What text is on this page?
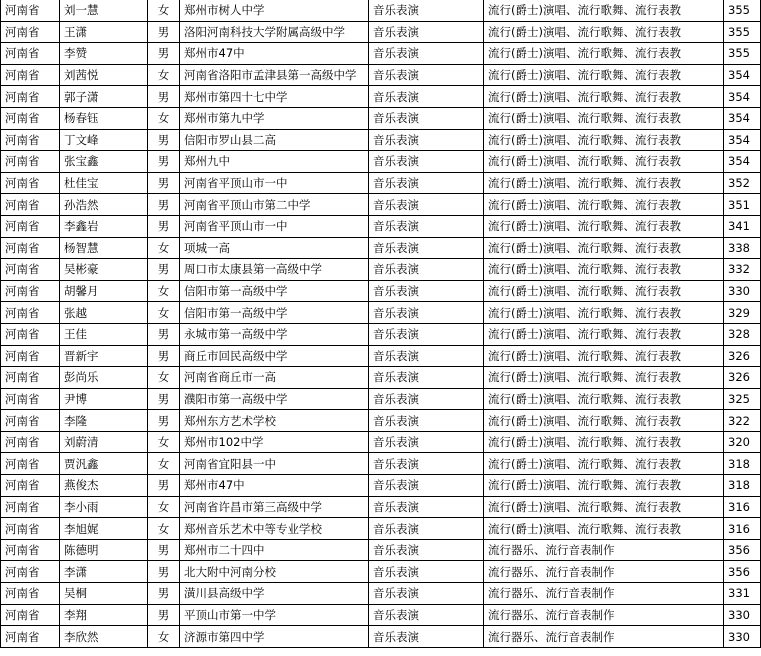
河南省	刘一慧	女	郑州市树人中学	音乐表演	流行(爵士)演唱、流行歌舞、流行表教	355
河南省	王潇	男	洛阳河南科技大学附属高级中学	音乐表演	流行(爵士)演唱、流行歌舞、流行表教	355
河南省	李赞	男	郑州市47中	音乐表演	流行(爵士)演唱、流行歌舞、流行表教	355
河南省	刘茜悦	女	河南省洛阳市孟津县第一高级中学	音乐表演	流行(爵士)演唱、流行歌舞、流行表教	354
河南省	郭子潇	男	郑州市第四十七中学	音乐表演	流行(爵士)演唱、流行歌舞、流行表教	354
河南省	杨春钰	女	郑州市第九中学	音乐表演	流行(爵士)演唱、流行歌舞、流行表教	354
河南省	丁文峰	男	信阳市罗山县二高	音乐表演	流行(爵士)演唱、流行歌舞、流行表教	354
河南省	张宝鑫	男	郑州九中	音乐表演	流行(爵士)演唱、流行歌舞、流行表教	354
河南省	杜佳宝	男	河南省平顶山市一中	音乐表演	流行(爵士)演唱、流行歌舞、流行表教	352
河南省	孙浩然	男	河南省平顶山市第二中学	音乐表演	流行(爵士)演唱、流行歌舞、流行表教	351
河南省	李鑫岩	男	河南省平顶山市一中	音乐表演	流行(爵士)演唱、流行歌舞、流行表教	341
河南省	杨智慧	女	项城一高	音乐表演	流行(爵士)演唱、流行歌舞、流行表教	338
河南省	吴彬豪	男	周口市太康县第一高级中学	音乐表演	流行(爵士)演唱、流行歌舞、流行表教	332
河南省	胡馨月	女	信阳市第一高级中学	音乐表演	流行(爵士)演唱、流行歌舞、流行表教	330
河南省	张越	女	信阳市第一高级中学	音乐表演	流行(爵士)演唱、流行歌舞、流行表教	329
河南省	王佳	男	永城市第一高级中学	音乐表演	流行(爵士)演唱、流行歌舞、流行表教	328
河南省	晋新宇	男	商丘市回民高级中学	音乐表演	流行(爵士)演唱、流行歌舞、流行表教	326
河南省	彭尚乐	女	河南省商丘市一高	音乐表演	流行(爵士)演唱、流行歌舞、流行表教	326
河南省	尹博	男	濮阳市第一高级中学	音乐表演	流行(爵士)演唱、流行歌舞、流行表教	325
河南省	李隆	男	郑州东方艺术学校	音乐表演	流行(爵士)演唱、流行歌舞、流行表教	322
河南省	刘蔚清	女	郑州市102中学	音乐表演	流行(爵士)演唱、流行歌舞、流行表教	320
河南省	贾汎鑫	女	河南省宜阳县一中	音乐表演	流行(爵士)演唱、流行歌舞、流行表教	318
河南省	燕俊杰	男	郑州市47中	音乐表演	流行(爵士)演唱、流行歌舞、流行表教	318
河南省	李小雨	女	河南省许昌市第三高级中学	音乐表演	流行(爵士)演唱、流行歌舞、流行表教	316
河南省	李旭娓	女	郑州音乐艺术中等专业学校	音乐表演	流行(爵士)演唱、流行歌舞、流行表教	316
河南省	陈德明	男	郑州市二十四中	音乐表演	流行器乐、流行音表制作	356
河南省	李潇	男	北大附中河南分校	音乐表演	流行器乐、流行音表制作	356
河南省	吴桐	男	潢川县高级中学	音乐表演	流行器乐、流行音表制作	331
河南省	李翔	男	平顶山市第一中学	音乐表演	流行器乐、流行音表制作	330
河南省	李欣然	女	济源市第四中学	音乐表演	流行器乐、流行音表制作	330
